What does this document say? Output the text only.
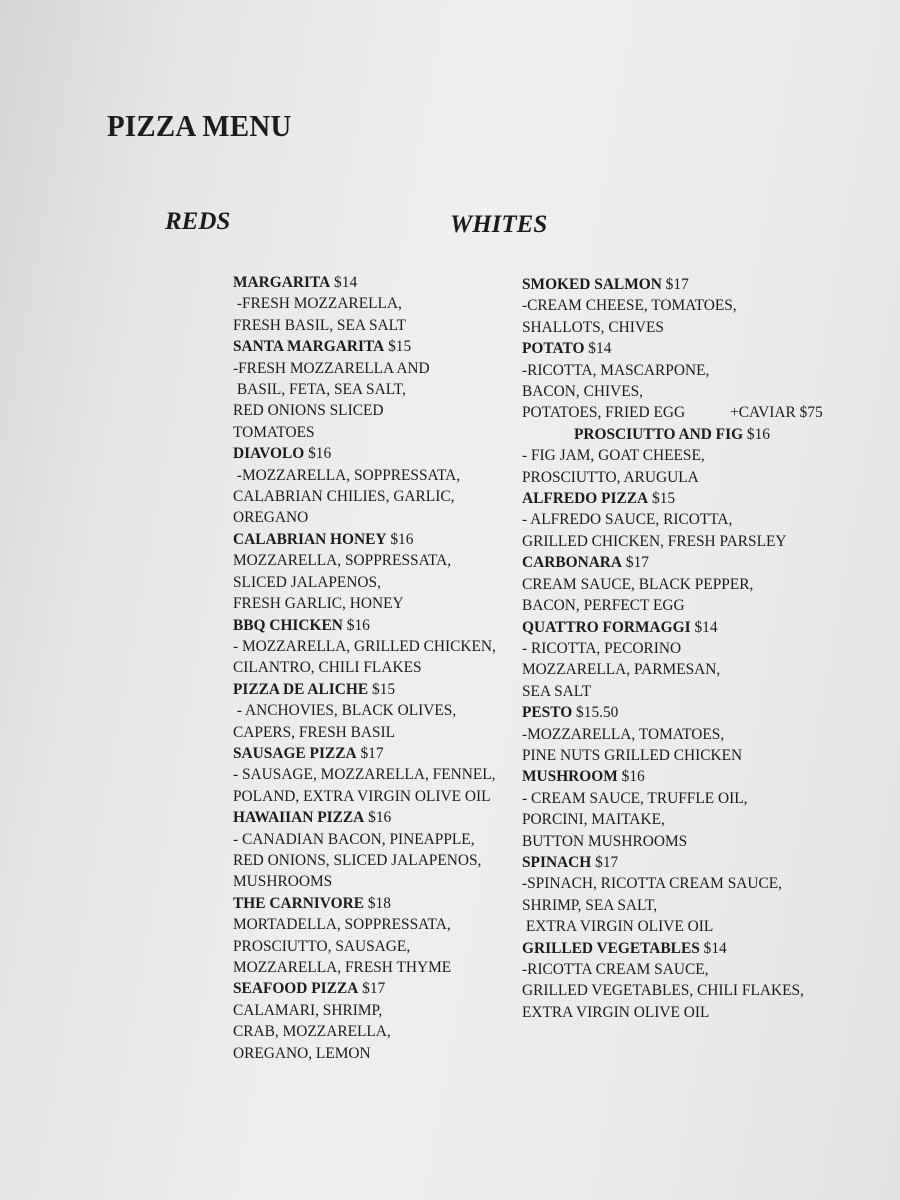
PIZZA MENU
REDS	WHITES
MARGARITA $14
-FRESH MOZZARELLA,
FRESH BASIL, SEA SALT
SANTA MARGARITA $15
-FRESH MOZZARELLA AND
BASIL, FETA, SEA SALT,
RED ONIONS SLICED
TOMATOES
DIAVOLO $16
-MOZZARELLA, SOPPRESSATA,
CALABRIAN CHILIES, GARLIC,
OREGANO
CALABRIAN HONEY $16
MOZZARELLA, SOPPRESSATA,
SLICED JALAPENOS,
FRESH GARLIC, HONEY
BBQ CHICKEN $16
- MOZZARELLA, GRILLED CHICKEN,
CILANTRO, CHILI FLAKES
PIZZA DE ALICHE $15
- ANCHOVIES, BLACK OLIVES,
CAPERS, FRESH BASIL
SAUSAGE PIZZA $17
- SAUSAGE, MOZZARELLA, FENNEL,
POLAND, EXTRA VIRGIN OLIVE OIL
HAWAIIAN PIZZA $16
- CANADIAN BACON, PINEAPPLE,
RED ONIONS, SLICED JALAPENOS,
MUSHROOMS
THE CARNIVORE $18
MORTADELLA, SOPPRESSATA,
PROSCIUTTO, SAUSAGE,
MOZZARELLA, FRESH THYME
SEAFOOD PIZZA $17
CALAMARI, SHRIMP,
CRAB, MOZZARELLA,
OREGANO, LEMON
SMOKED SALMON $17
-CREAM CHEESE, TOMATOES,
SHALLOTS, CHIVES
POTATO $14
-RICOTTA, MASCARPONE,
BACON, CHIVES,
POTATOES, FRIED EGG	+CAVIAR $75
PROSCIUTTO AND FIG $16
- FIG JAM, GOAT CHEESE,
PROSCIUTTO, ARUGULA
ALFREDO PIZZA $15
- ALFREDO SAUCE, RICOTTA,
GRILLED CHICKEN, FRESH PARSLEY
CARBONARA $17
CREAM SAUCE, BLACK PEPPER,
BACON, PERFECT EGG
QUATTRO FORMAGGI $14
- RICOTTA, PECORINO
MOZZARELLA, PARMESAN,
SEA SALT
PESTO $15.50
-MOZZARELLA, TOMATOES,
PINE NUTS GRILLED CHICKEN
MUSHROOM $16
- CREAM SAUCE, TRUFFLE OIL,
PORCINI, MAITAKE,
BUTTON MUSHROOMS
SPINACH $17
-SPINACH, RICOTTA CREAM SAUCE,
SHRIMP, SEA SALT,
EXTRA VIRGIN OLIVE OIL
GRILLED VEGETABLES $14
-RICOTTA CREAM SAUCE,
GRILLED VEGETABLES, CHILI FLAKES,
EXTRA VIRGIN OLIVE OIL
